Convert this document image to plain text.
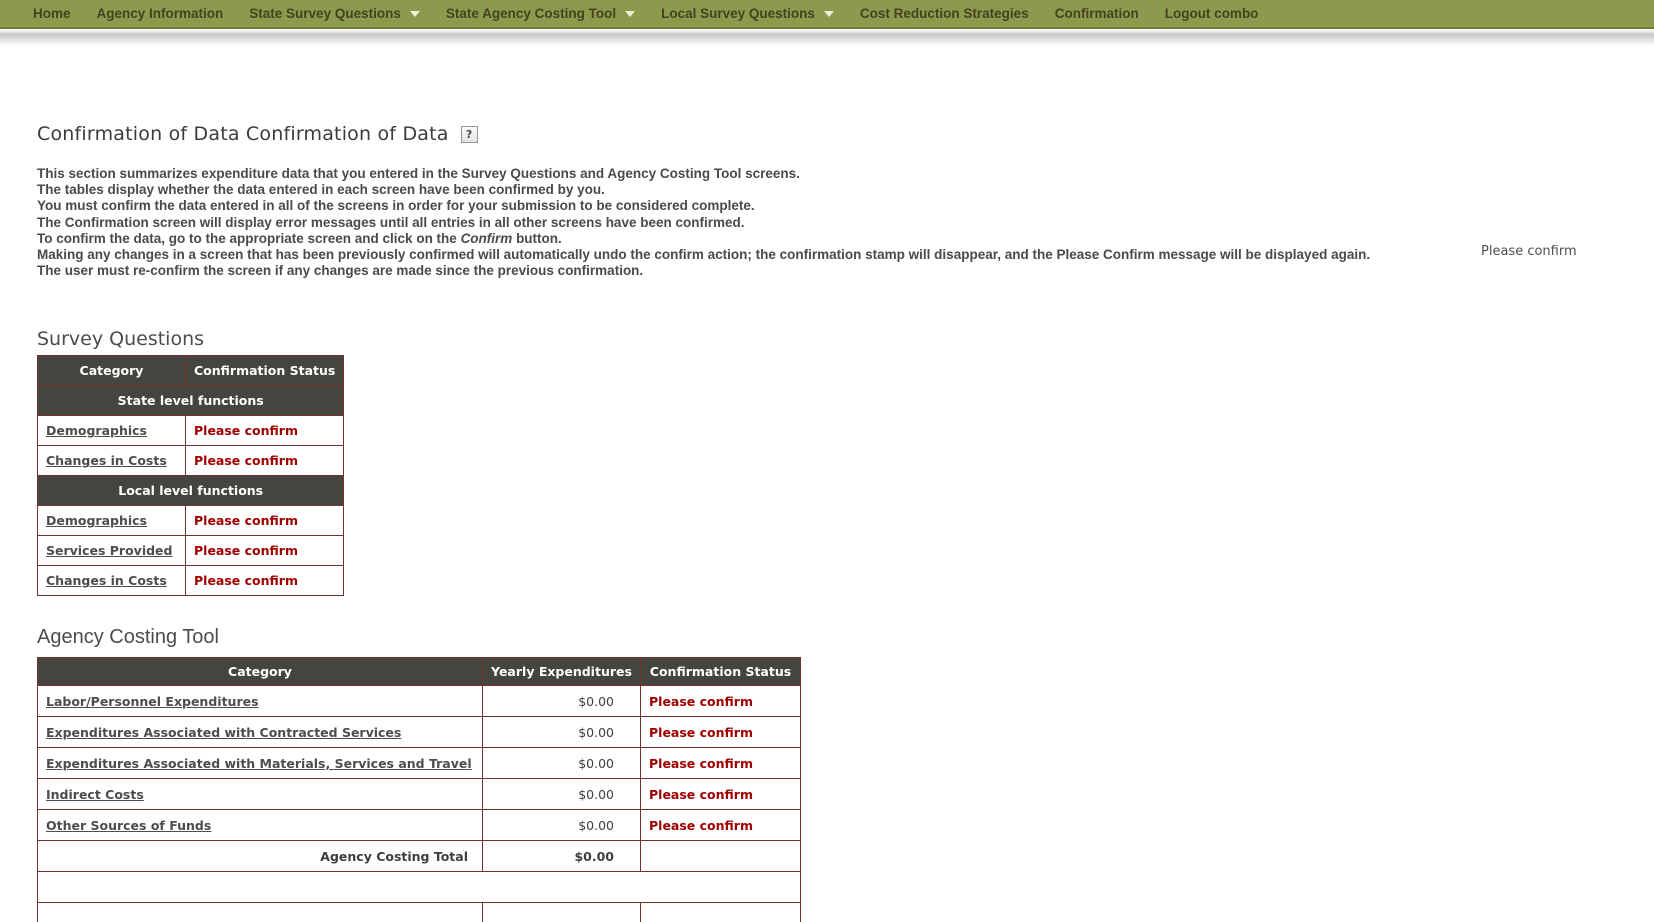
Home Agency Information State Survey Questions	State Agency Costing Tool	Local Survey Questions	Cost Reduction Strategies Confirmation Logout combo
Please confirm
Confirmation of Data Confirmation of Data	?
This section summarizes expenditure data that you entered in the Survey Questions and Agency Costing Tool screens.
The tables display whether the data entered in each screen have been confirmed by you.
You must confirm the data entered in all of the screens in order for your submission to be considered complete.
The Confirmation screen will display error messages until all entries in all other screens have been confirmed.
To confirm the data, go to the appropriate screen and click on the Confirm button.
Making any changes in a screen that has been previously confirmed will automatically undo the confirm action; the confirmation stamp will disappear, and the Please Confirm message will be displayed again.
The user must re-confirm the screen if any changes are made since the previous confirmation.
Survey Questions
Category	Confirmation Status
State level functions	
Demographics	Please confirm
Changes in Costs	Please confirm
Local level functions	
Demographics	Please confirm
Services Provided	Please confirm
Changes in Costs	Please confirm
Agency Costing Tool
Category	Yearly Expenditures	Confirmation Status
Labor/Personnel Expenditures	$0.00	Please confirm
Expenditures Associated with Contracted Services	$0.00	Please confirm
Expenditures Associated with Materials, Services and Travel	$0.00	Please confirm
Indirect Costs	$0.00	Please confirm
Other Sources of Funds	$0.00	Please confirm
Agency Costing Total	$0.00	
